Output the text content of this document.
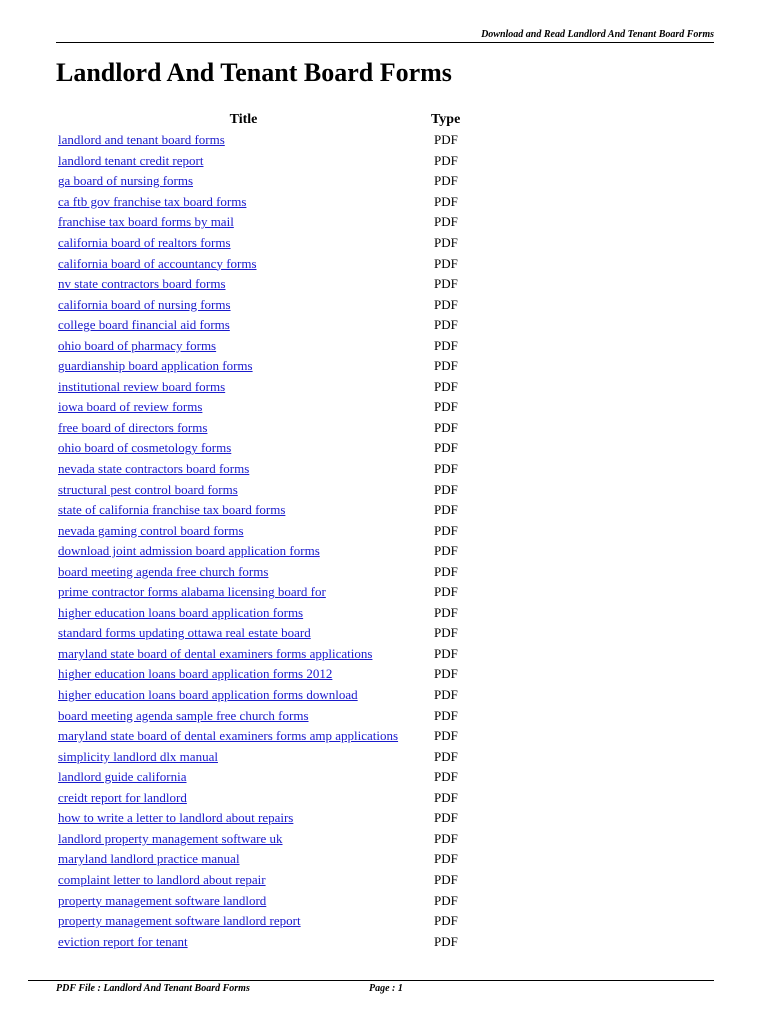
Download and Read Landlord And Tenant Board Forms
Landlord And Tenant Board Forms
Title	Type
landlord and tenant board forms	PDF
landlord tenant credit report	PDF
ga board of nursing forms	PDF
ca ftb gov franchise tax board forms	PDF
franchise tax board forms by mail	PDF
california board of realtors forms	PDF
california board of accountancy forms	PDF
nv state contractors board forms	PDF
california board of nursing forms	PDF
college board financial aid forms	PDF
ohio board of pharmacy forms	PDF
guardianship board application forms	PDF
institutional review board forms	PDF
iowa board of review forms	PDF
free board of directors forms	PDF
ohio board of cosmetology forms	PDF
nevada state contractors board forms	PDF
structural pest control board forms	PDF
state of california franchise tax board forms	PDF
nevada gaming control board forms	PDF
download joint admission board application forms	PDF
board meeting agenda free church forms	PDF
prime contractor forms alabama licensing board for	PDF
higher education loans board application forms	PDF
standard forms updating ottawa real estate board	PDF
maryland state board of dental examiners forms applications	PDF
higher education loans board application forms 2012	PDF
higher education loans board application forms download	PDF
board meeting agenda sample free church forms	PDF
maryland state board of dental examiners forms amp applications	PDF
simplicity landlord dlx manual	PDF
landlord guide california	PDF
creidt report for landlord	PDF
how to write a letter to landlord about repairs	PDF
landlord property management software uk	PDF
maryland landlord practice manual	PDF
complaint letter to landlord about repair	PDF
property management software landlord	PDF
property management software landlord report	PDF
eviction report for tenant	PDF
PDF File : Landlord And Tenant Board Forms	Page : 1
